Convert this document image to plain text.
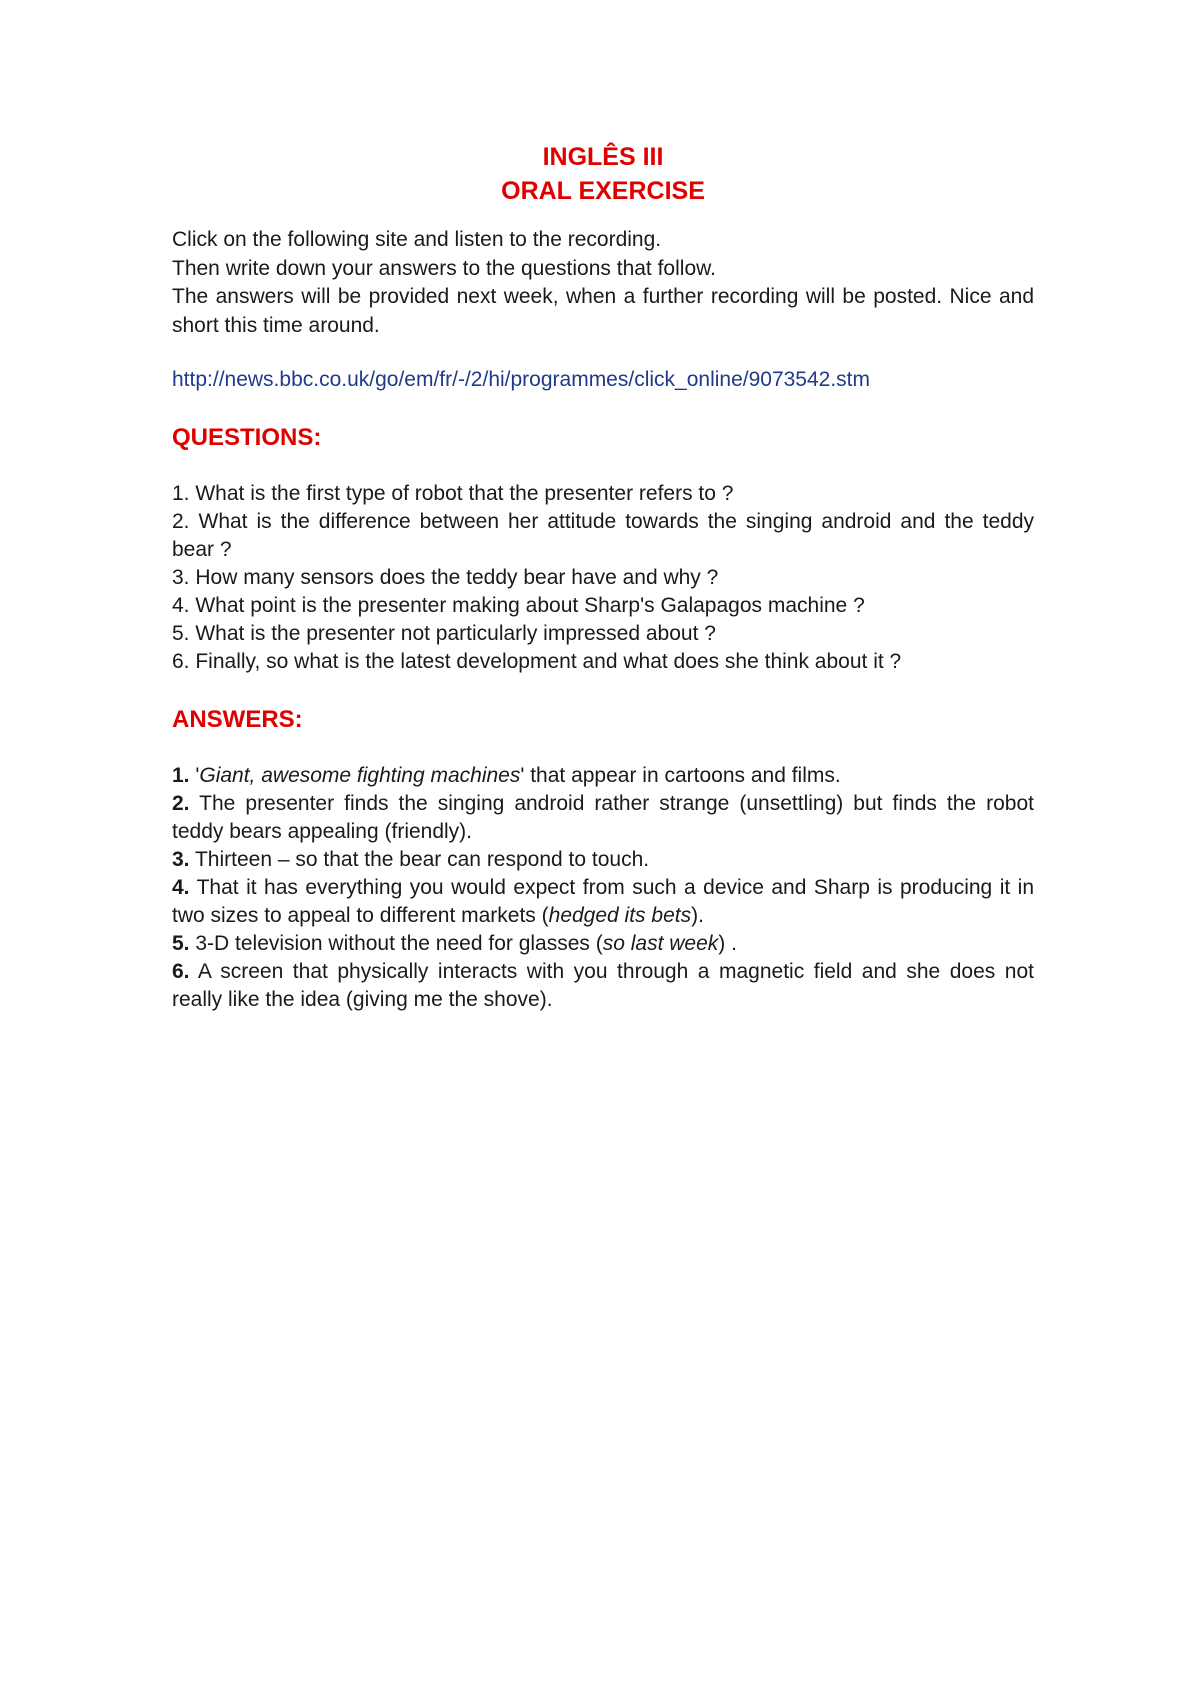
INGLÊS III
ORAL EXERCISE

Click on the following site and listen to the recording.

Then write down your answers to the questions that follow.

The answers will be provided next week, when a further recording will be posted. Nice and short this time around.

http://news.bbc.co.uk/go/em/fr/-/2/hi/programmes/click_online/9073542.stm
QUESTIONS:

1. What is the first type of robot that the presenter refers to ?

2. What is the difference between her attitude towards the singing android and the teddy bear ?

3. How many sensors does the teddy bear have and why ?

4. What point is the presenter making about Sharp's Galapagos machine ?

5. What is the presenter not particularly impressed about ?

6. Finally, so what is the latest development and what does she think about it ?

ANSWERS:

1. 'Giant, awesome fighting machines' that appear in cartoons and films.

2. The presenter finds the singing android rather strange (unsettling) but finds the robot teddy bears appealing (friendly).

3. Thirteen – so that the bear can respond to touch.

4. That it has everything you would expect from such a device and Sharp is producing it in two sizes to appeal to different markets (hedged its bets).

5. 3-D television without the need for glasses (so last week) .

6. A screen that physically interacts with you through a magnetic field and she does not really like the idea (giving me the shove).
